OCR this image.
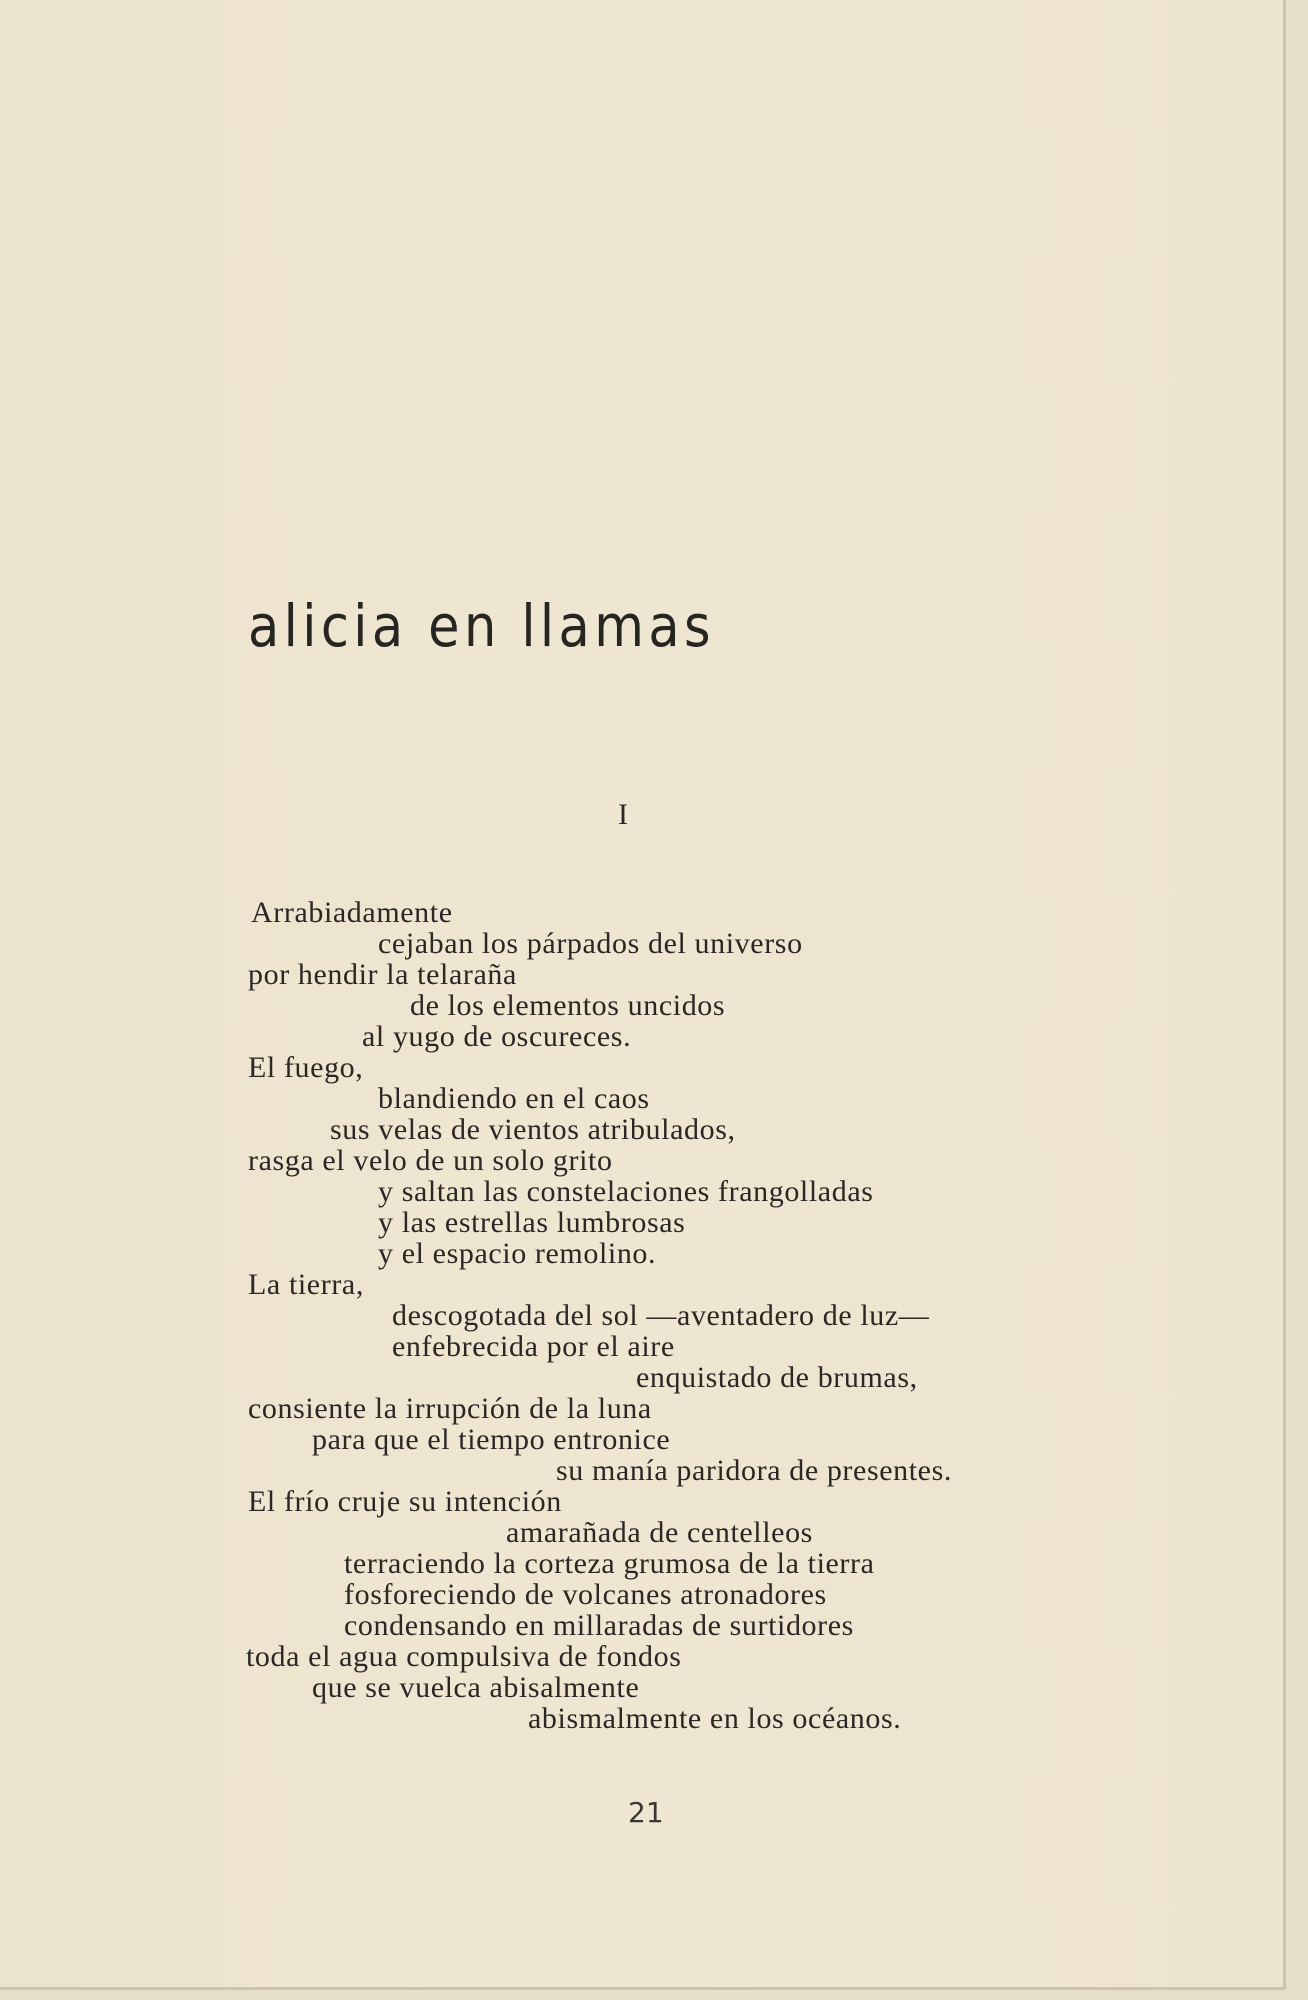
alicia en llamas
I
Arrabiadamente
cejaban los párpados del universo
por hendir la telaraña
de los elementos uncidos
al yugo de oscureces.
El fuego,
blandiendo en el caos
sus velas de vientos atribulados,
rasga el velo de un solo grito
y saltan las constelaciones frangolladas
y las estrellas lumbrosas
y el espacio remolino.
La tierra,
descogotada del sol —aventadero de luz—
enfebrecida por el aire
enquistado de brumas,
consiente la irrupción de la luna
para que el tiempo entronice
su manía paridora de presentes.
El frío cruje su intención
amarañada de centelleos
terraciendo la corteza grumosa de la tierra
fosforeciendo de volcanes atronadores
condensando en millaradas de surtidores
toda el agua compulsiva de fondos
que se vuelca abisalmente
abismalmente en los océanos.
21
